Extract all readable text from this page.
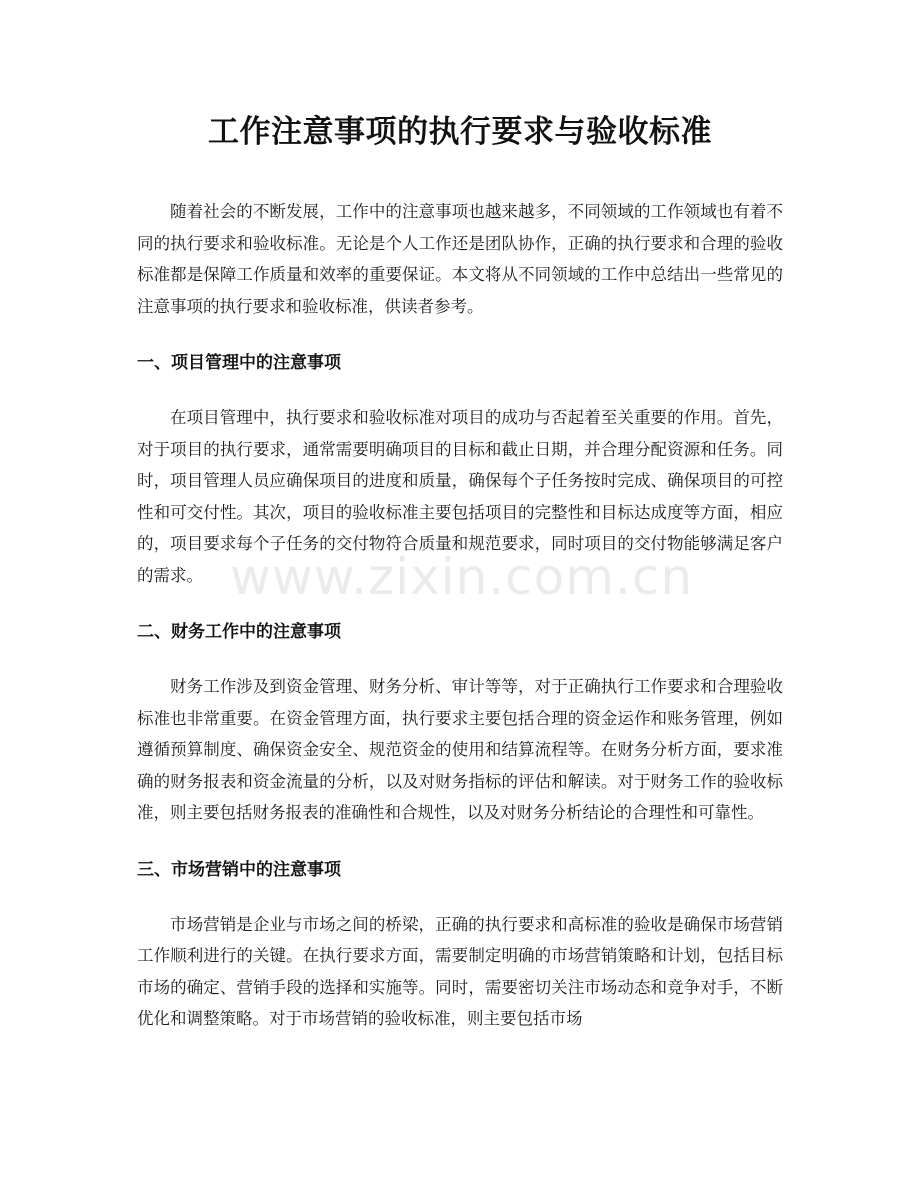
工作注意事项的执行要求与验收标准

随着社会的不断发展，工作中的注意事项也越来越多，不同领域的工作领域也有着不同的执行要求和验收标准。无论是个人工作还是团队协作，正确的执行要求和合理的验收标准都是保障工作质量和效率的重要保证。本文将从不同领域的工作中总结出一些常见的注意事项的执行要求和验收标准，供读者参考。

一、项目管理中的注意事项

在项目管理中，执行要求和验收标准对项目的成功与否起着至关重要的作用。首先，对于项目的执行要求，通常需要明确项目的目标和截止日期，并合理分配资源和任务。同时，项目管理人员应确保项目的进度和质量，确保每个子任务按时完成、确保项目的可控性和可交付性。其次，项目的验收标准主要包括项目的完整性和目标达成度等方面，相应的，项目要求每个子任务的交付物符合质量和规范要求，同时项目的交付物能够满足客户的需求。

二、财务工作中的注意事项

财务工作涉及到资金管理、财务分析、审计等等，对于正确执行工作要求和合理验收标准也非常重要。在资金管理方面，执行要求主要包括合理的资金运作和账务管理，例如遵循预算制度、确保资金安全、规范资金的使用和结算流程等。在财务分析方面，要求准确的财务报表和资金流量的分析，以及对财务指标的评估和解读。对于财务工作的验收标准，则主要包括财务报表的准确性和合规性，以及对财务分析结论的合理性和可靠性。

三、市场营销中的注意事项

市场营销是企业与市场之间的桥梁，正确的执行要求和高标准的验收是确保市场营销工作顺利进行的关键。在执行要求方面，需要制定明确的市场营销策略和计划，包括目标市场的确定、营销手段的选择和实施等。同时，需要密切关注市场动态和竞争对手，不断优化和调整策略。对于市场营销的验收标准，则主要包括市场

www.zixin.com.cn
